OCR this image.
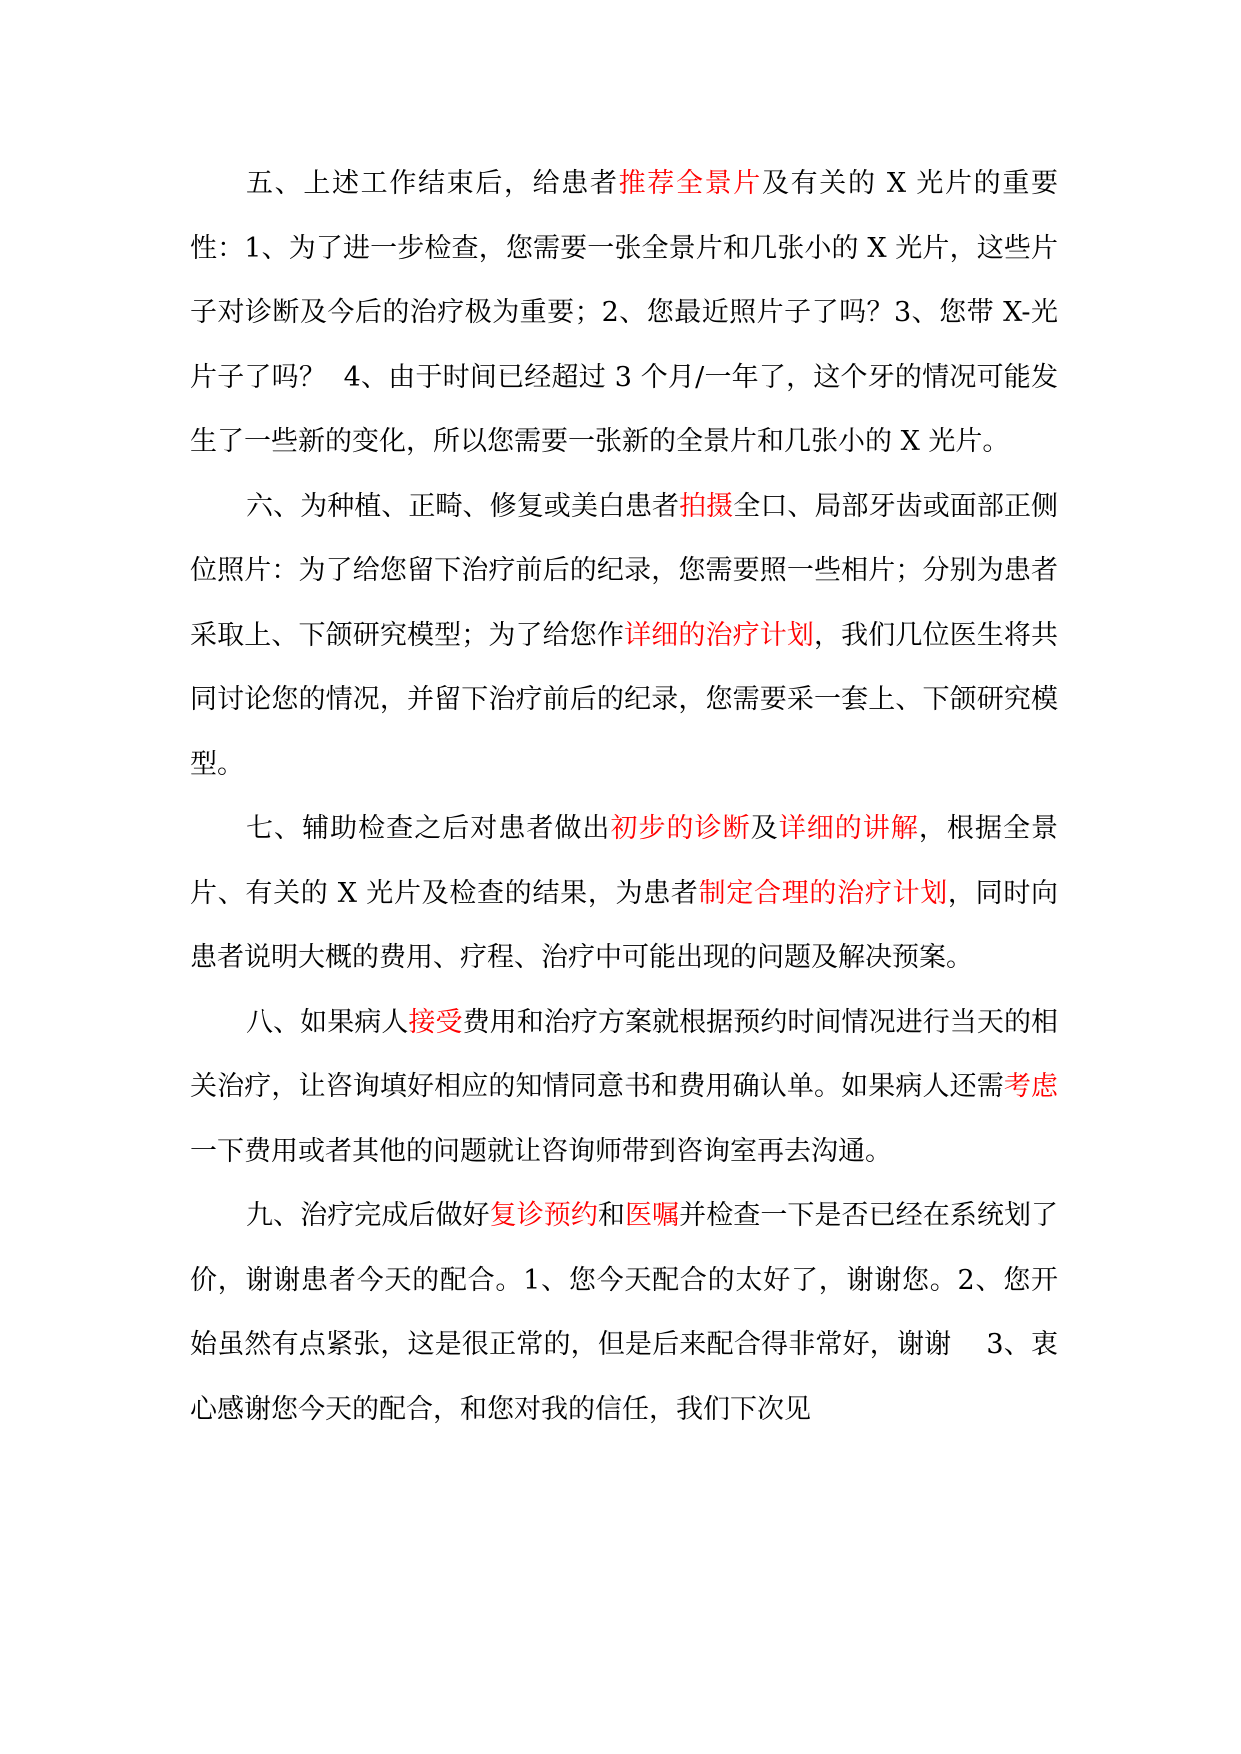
五、上述工作结束后，给患者推荐全景片及有关的 X 光片的重要性：1、为了进一步检查，您需要一张全景片和几张小的 X 光片，这些片子对诊断及今后的治疗极为重要；2、您最近照片子了吗？3、您带 X-光片子了吗？  4、由于时间已经超过 3 个月/一年了，这个牙的情况可能发生了一些新的变化，所以您需要一张新的全景片和几张小的 X 光片。

六、为种植、正畸、修复或美白患者拍摄全口、局部牙齿或面部正侧位照片：为了给您留下治疗前后的纪录，您需要照一些相片；分别为患者采取上、下颌研究模型；为了给您作详细的治疗计划，我们几位医生将共同讨论您的情况，并留下治疗前后的纪录，您需要采一套上、下颌研究模型。

七、辅助检查之后对患者做出初步的诊断及详细的讲解，根据全景片、有关的 X 光片及检查的结果，为患者制定合理的治疗计划，同时向患者说明大概的费用、疗程、治疗中可能出现的问题及解决预案。

八、如果病人接受费用和治疗方案就根据预约时间情况进行当天的相关治疗，让咨询填好相应的知情同意书和费用确认单。如果病人还需考虑一下费用或者其他的问题就让咨询师带到咨询室再去沟通。

九、治疗完成后做好复诊预约和医嘱并检查一下是否已经在系统划了价，谢谢患者今天的配合。1、您今天配合的太好了，谢谢您。2、您开始虽然有点紧张，这是很正常的，但是后来配合得非常好，谢谢    3、衷心感谢您今天的配合，和您对我的信任，我们下次见
